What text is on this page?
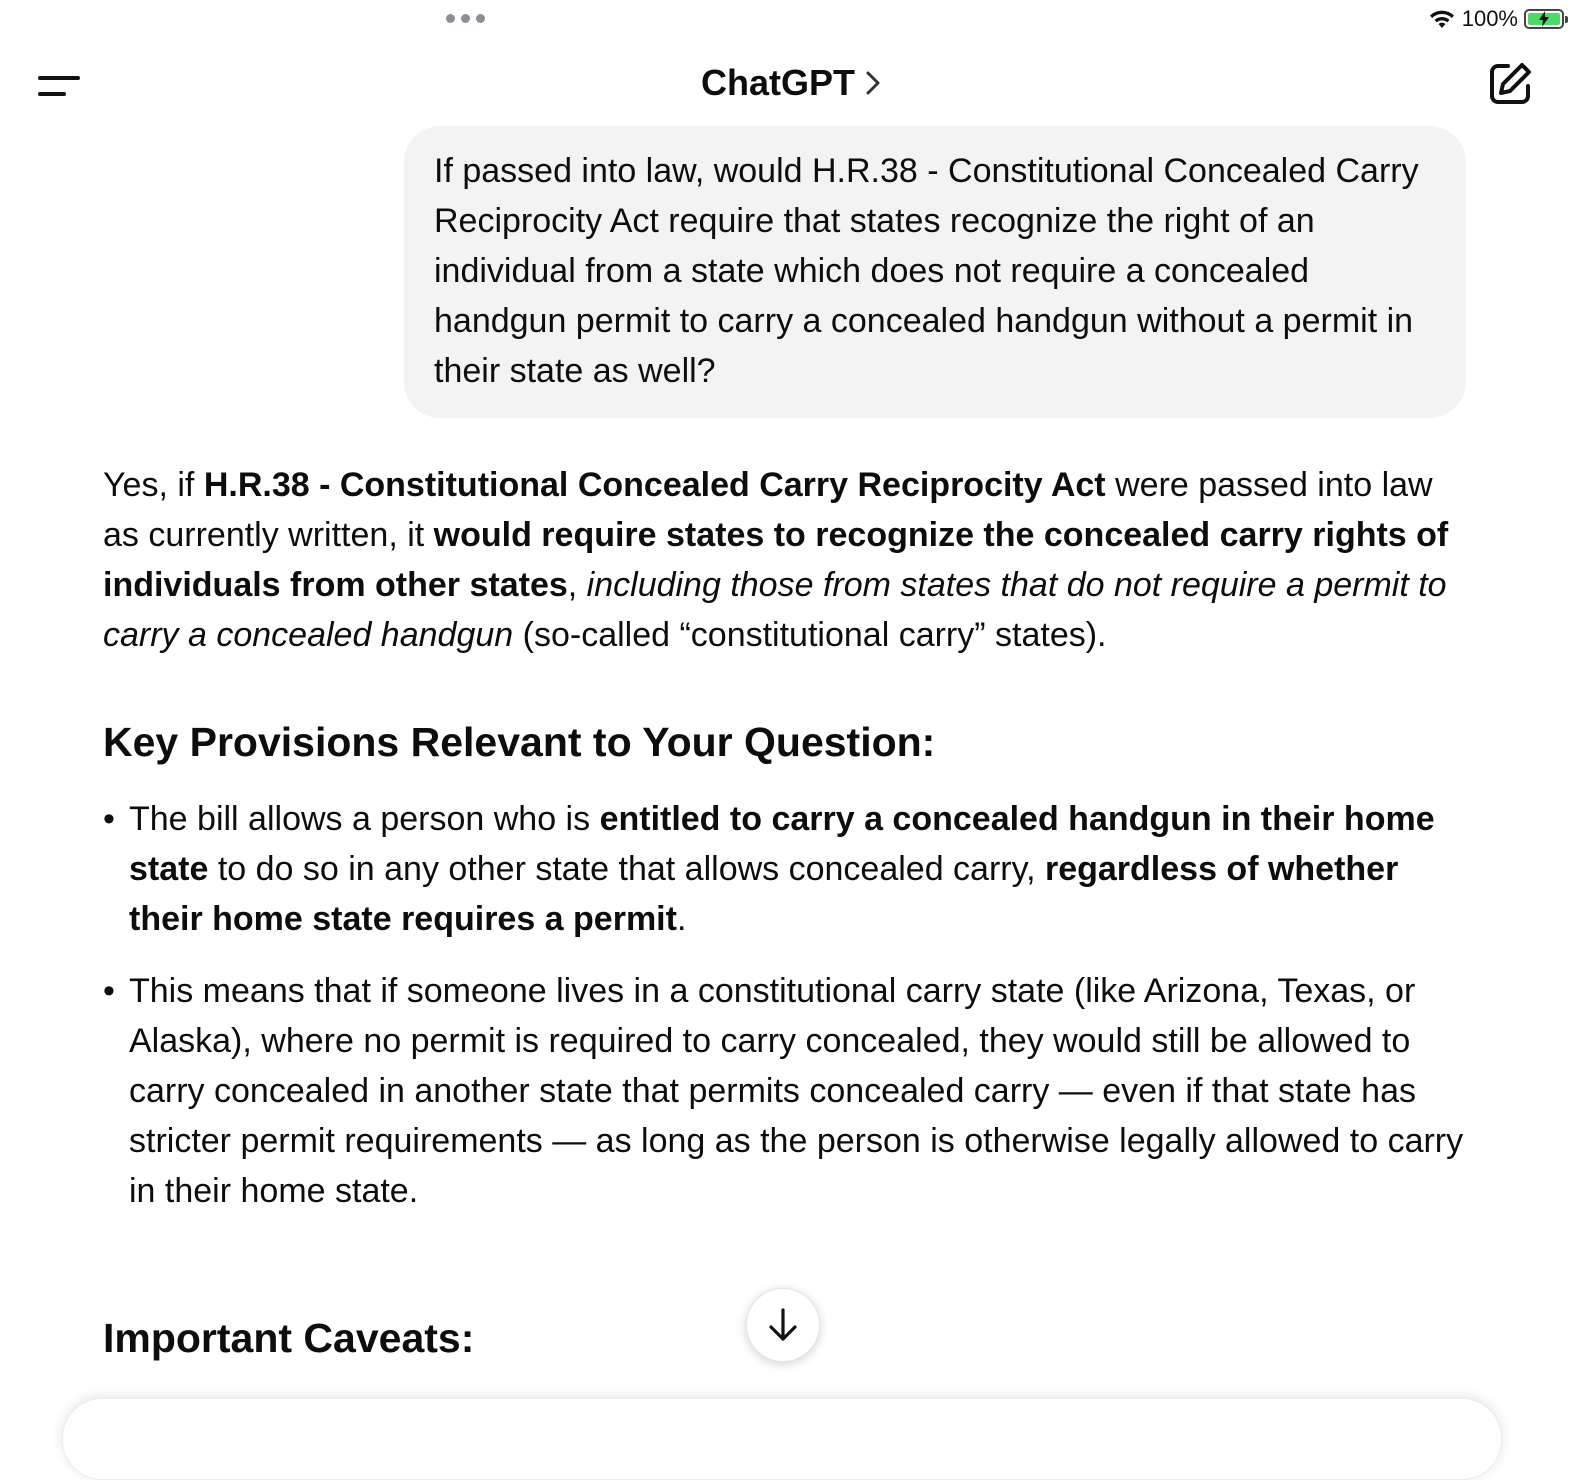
100%
ChatGPT
If passed into law, would H.R.38 - Constitutional Concealed Carry Reciprocity Act require that states recognize the right of an individual from a state which does not require a concealed handgun permit to carry a concealed handgun without a permit in their state as well?

Yes, if H.R.38 - Constitutional Concealed Carry Reciprocity Act were passed into law as currently written, it would require states to recognize the concealed carry rights of individuals from other states, including those from states that do not require a permit to carry a concealed handgun (so-called “constitutional carry” states).

Key Provisions Relevant to Your Question:
• The bill allows a person who is entitled to carry a concealed handgun in their home state to do so in any other state that allows concealed carry, regardless of whether their home state requires a permit.
• This means that if someone lives in a constitutional carry state (like Arizona, Texas, or Alaska), where no permit is required to carry concealed, they would still be allowed to carry concealed in another state that permits concealed carry — even if that state has stricter permit requirements — as long as the person is otherwise legally allowed to carry in their home state.
Important Caveats:
